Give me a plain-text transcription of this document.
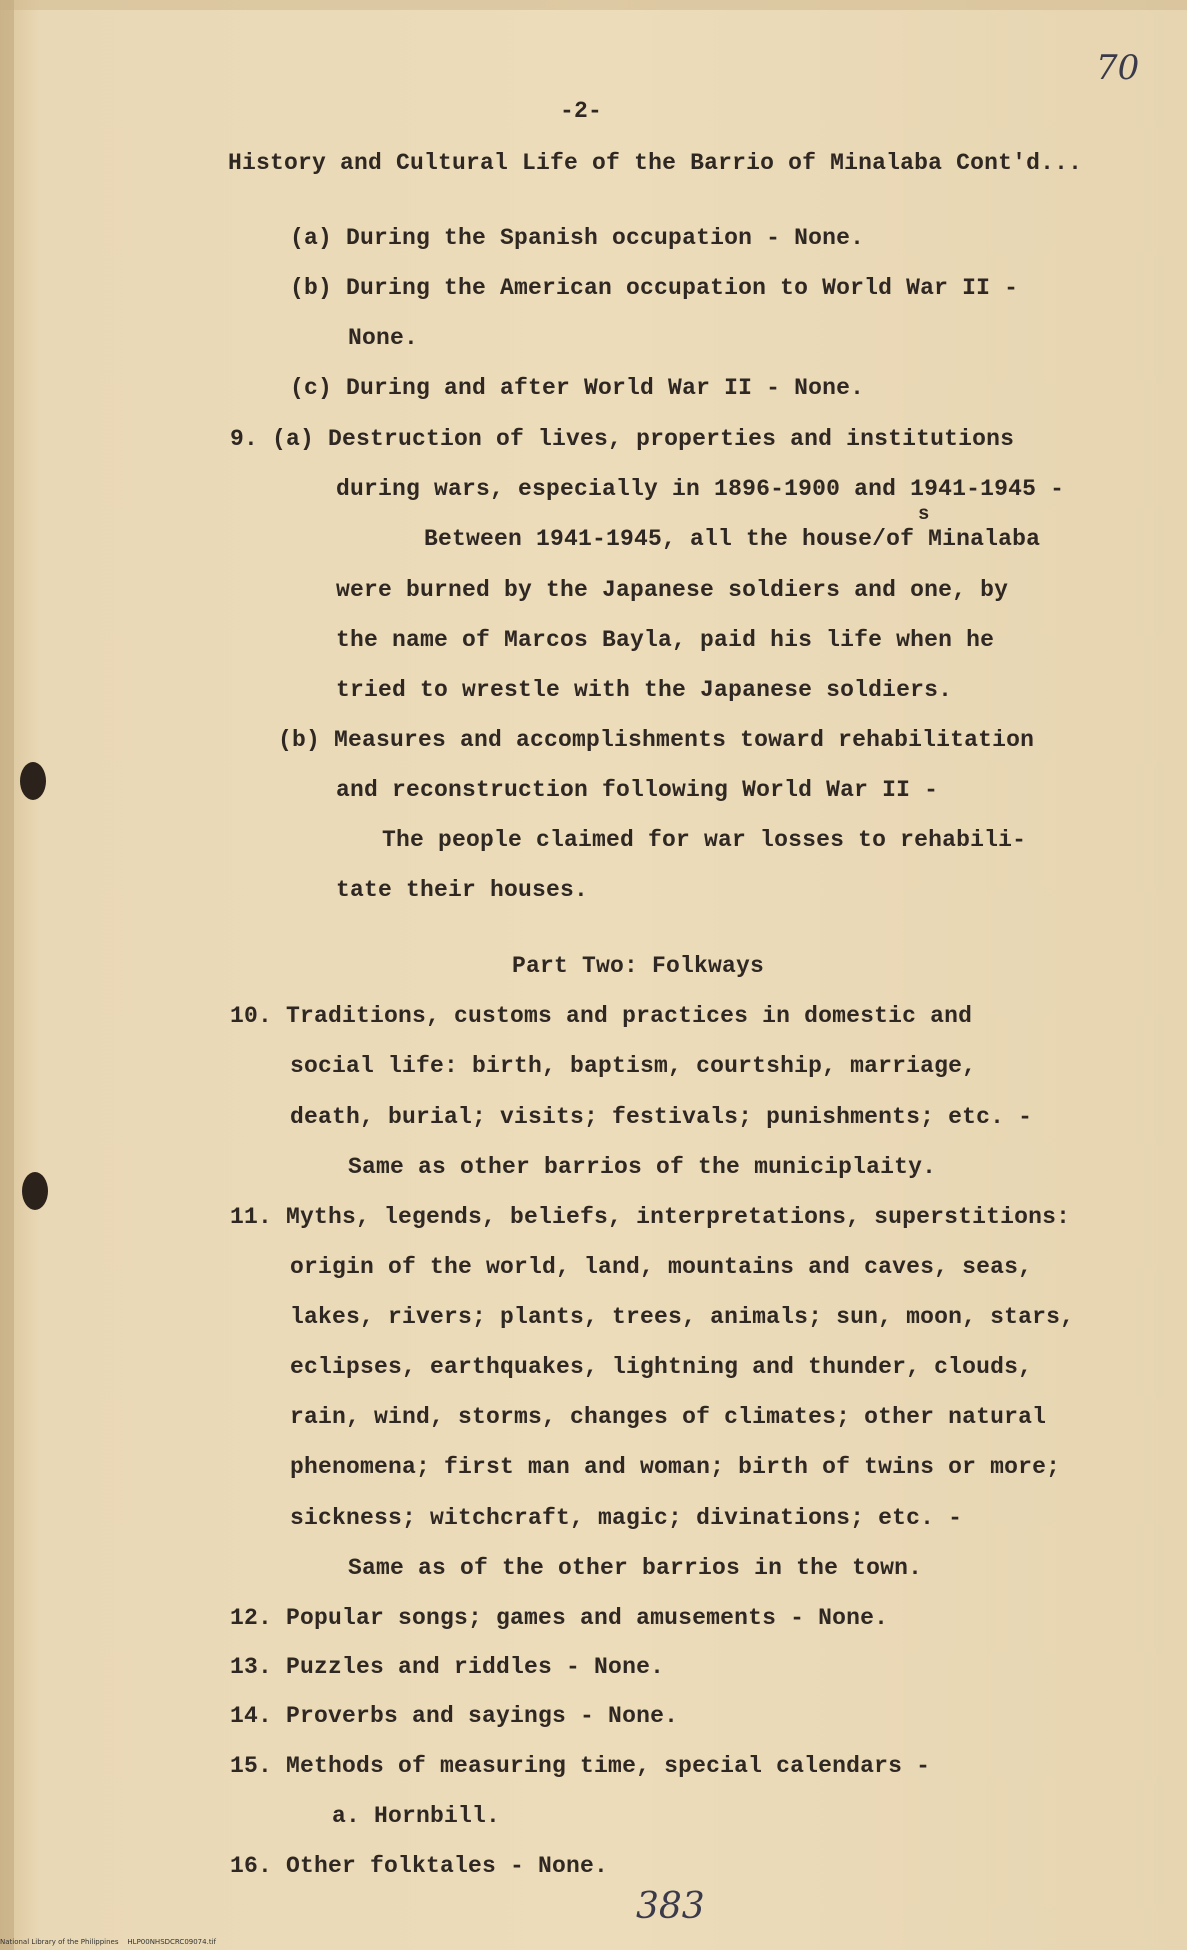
70
-2-
History and Cultural Life of the Barrio of Minalaba Cont'd...
(a) During the Spanish occupation - None.
(b) During the American occupation to World War II -
None.
(c) During and after World War II - None.
9. (a) Destruction of lives, properties and institutions
during wars, especially in 1896-1900 and 1941-1945 -
s
Between 1941-1945, all the house/of Minalaba
were burned by the Japanese soldiers and one, by
the name of Marcos Bayla, paid his life when he
tried to wrestle with the Japanese soldiers.
(b) Measures and accomplishments toward rehabilitation
and reconstruction following World War II -
The people claimed for war losses to rehabili-
tate their houses.
Part Two: Folkways
10. Traditions, customs and practices in domestic and
social life: birth, baptism, courtship, marriage,
death, burial; visits; festivals; punishments; etc. -
Same as other barrios of the municiplaity.
11. Myths, legends, beliefs, interpretations, superstitions:
origin of the world, land, mountains and caves, seas,
lakes, rivers; plants, trees, animals; sun, moon, stars,
eclipses, earthquakes, lightning and thunder, clouds,
rain, wind, storms, changes of climates; other natural
phenomena; first man and woman; birth of twins or more;
sickness; witchcraft, magic; divinations; etc. -
Same as of the other barrios in the town.
12. Popular songs; games and amusements - None.
13. Puzzles and riddles - None.
14. Proverbs and sayings - None.
15. Methods of measuring time, special calendars -
a. Hornbill.
16. Other folktales - None.
383
National Library of the Philippines HLP00NHSDCRC09074.tif
